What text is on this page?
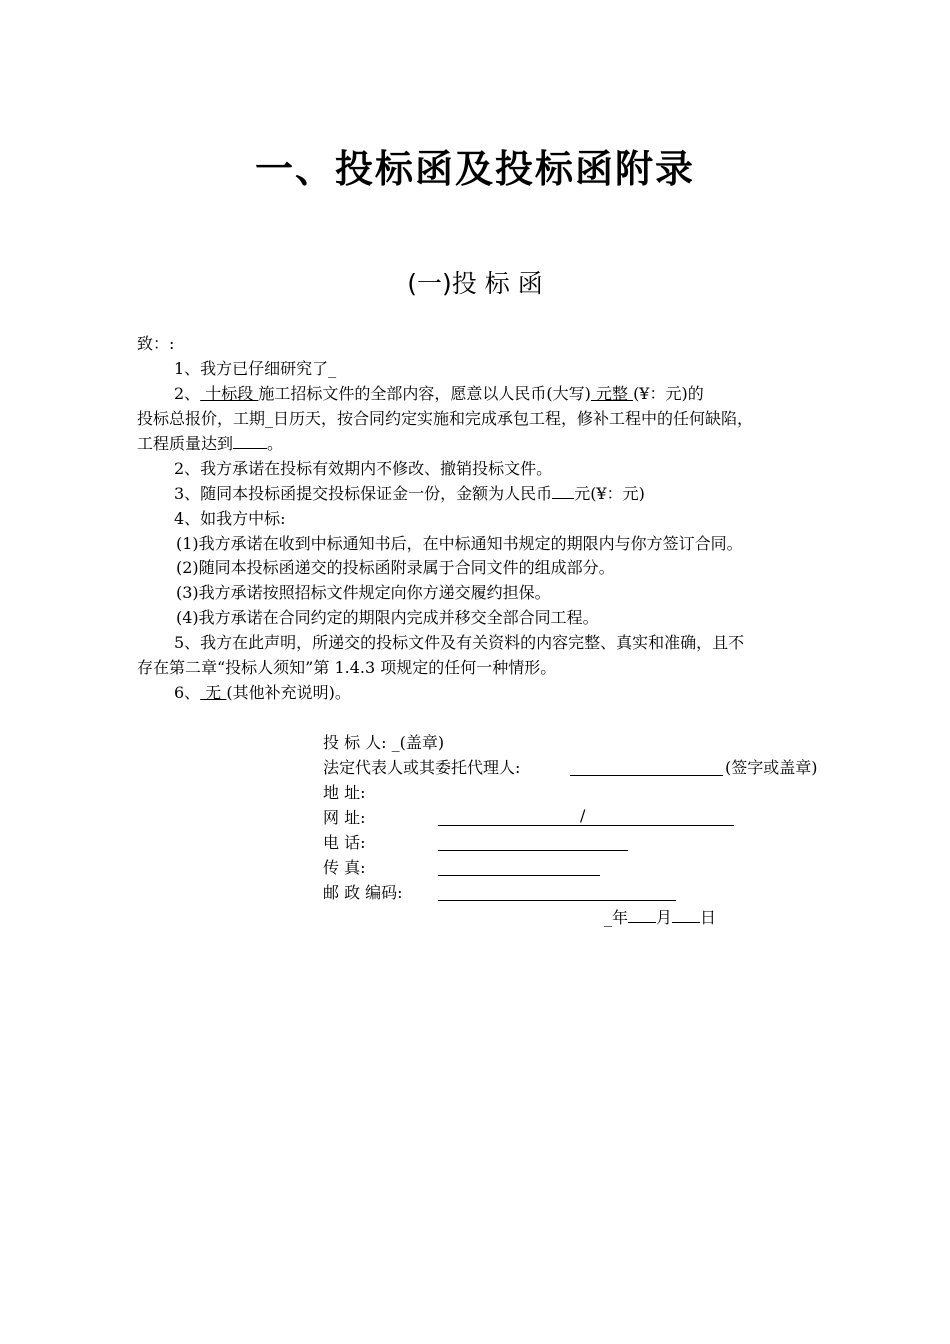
一、投标函及投标函附录
(一)投 标 函
致：:
1、我方已仔细研究了_
2、 十标段 施工招标文件的全部内容，愿意以人民币(大写) 元整 (¥：元)的
投标总报价，工期_日历天，按合同约定实施和完成承包工程，修补工程中的任何缺陷，
工程质量达到 。
2、我方承诺在投标有效期内不修改、撤销投标文件。
3、随同本投标函提交投标保证金一份，金额为人民币 元(¥：元)
4、如我方中标:
(1)我方承诺在收到中标通知书后，在中标通知书规定的期限内与你方签订合同。
(2)随同本投标函递交的投标函附录属于合同文件的组成部分。
(3)我方承诺按照招标文件规定向你方递交履约担保。
(4)我方承诺在合同约定的期限内完成并移交全部合同工程。
5、我方在此声明，所递交的投标文件及有关资料的内容完整、真实和准确，且不
存在第二章“投标人须知”第 1.4.3 项规定的任何一种情形。
6、 无 (其他补充说明)。
投 标 人: _(盖章)
法定代表人或其委托代理人:	(签字或盖章)
地 址:
网 址:	/
电 话:
传 真:
邮 政 编码:
_年 月 日
